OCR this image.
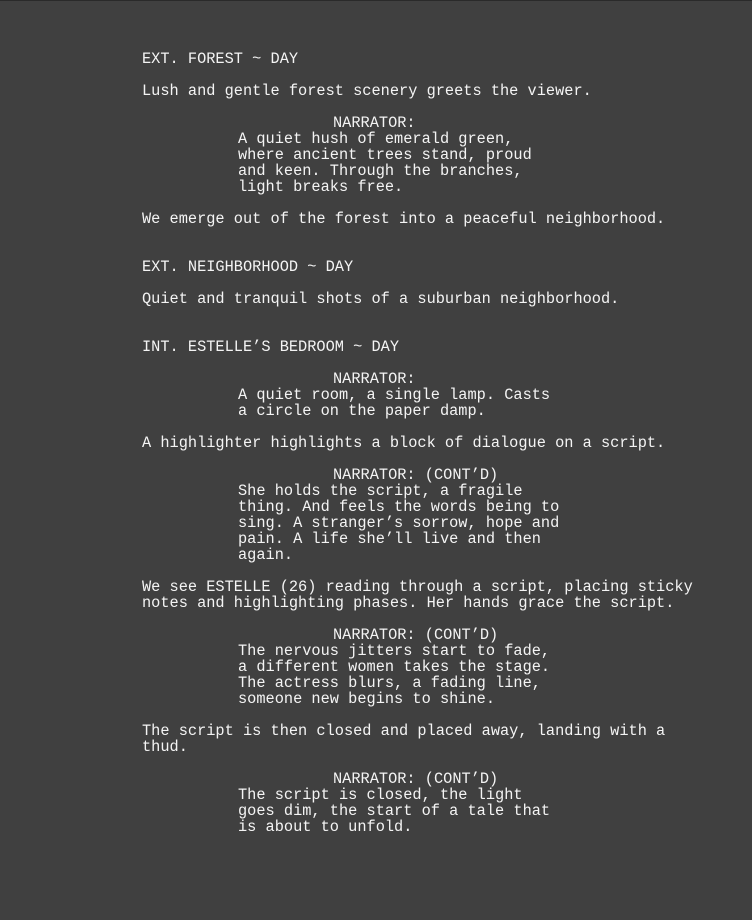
EXT. FOREST ~ DAY
Lush and gentle forest scenery greets the viewer.
NARRATOR:
A quiet hush of emerald green,
where ancient trees stand, proud
and keen. Through the branches,
light breaks free.
We emerge out of the forest into a peaceful neighborhood.
EXT. NEIGHBORHOOD ~ DAY
Quiet and tranquil shots of a suburban neighborhood.
INT. ESTELLE’S BEDROOM ~ DAY
NARRATOR:
A quiet room, a single lamp. Casts
a circle on the paper damp.
A highlighter highlights a block of dialogue on a script.
NARRATOR: (CONT’D)
She holds the script, a fragile
thing. And feels the words being to
sing. A stranger’s sorrow, hope and
pain. A life she’ll live and then
again.
We see ESTELLE (26) reading through a script, placing sticky
notes and highlighting phases. Her hands grace the script.
NARRATOR: (CONT’D)
The nervous jitters start to fade,
a different women takes the stage.
The actress blurs, a fading line,
someone new begins to shine.
The script is then closed and placed away, landing with a
thud.
NARRATOR: (CONT’D)
The script is closed, the light
goes dim, the start of a tale that
is about to unfold.
